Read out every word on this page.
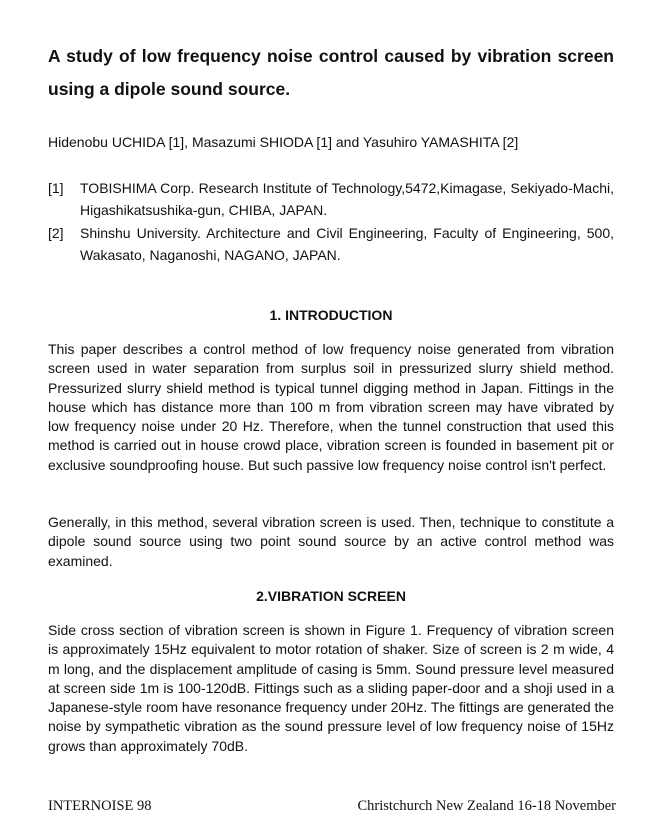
A study of low frequency noise control caused by vibration screen using a dipole sound source.

Hidenobu UCHIDA [1], Masazumi SHIODA [1] and Yasuhiro YAMASHITA [2]

[1]	TOBISHIMA Corp. Research Institute of Technology,5472,Kimagase, Sekiyado-Machi, Higashikatsushika-gun, CHIBA, JAPAN.
[2]	Shinshu University. Architecture and Civil Engineering, Faculty of Engineering, 500, Wakasato, Naganoshi, NAGANO, JAPAN.
1. INTRODUCTION

This paper describes a control method of low frequency noise generated from vibration screen used in water separation from surplus soil in pressurized slurry shield method. Pressurized slurry shield method is typical tunnel digging method in Japan. Fittings in the house which has distance more than 100 m from vibration screen may have vibrated by low frequency noise under 20 Hz. Therefore, when the tunnel construction that used this method is carried out in house crowd place, vibration screen is founded in basement pit or exclusive soundproofing house. But such passive low frequency noise control isn't perfect.

Generally, in this method, several vibration screen is used. Then, technique to constitute a dipole sound source using two point sound source by an active control method was examined.

2.VIBRATION SCREEN

Side cross section of vibration screen is shown in Figure 1. Frequency of vibration screen is approximately 15Hz equivalent to motor rotation of shaker. Size of screen is 2 m wide, 4 m long, and the displacement amplitude of casing is 5mm. Sound pressure level measured at screen side 1m is 100-120dB. Fittings such as a sliding paper-door and a shoji used in a Japanese-style room have resonance frequency under 20Hz. The fittings are generated the noise by sympathetic vibration as the sound pressure level of low frequency noise of 15Hz grows than approximately 70dB.

INTERNOISE 98	Christchurch New Zealand 16-18 November
